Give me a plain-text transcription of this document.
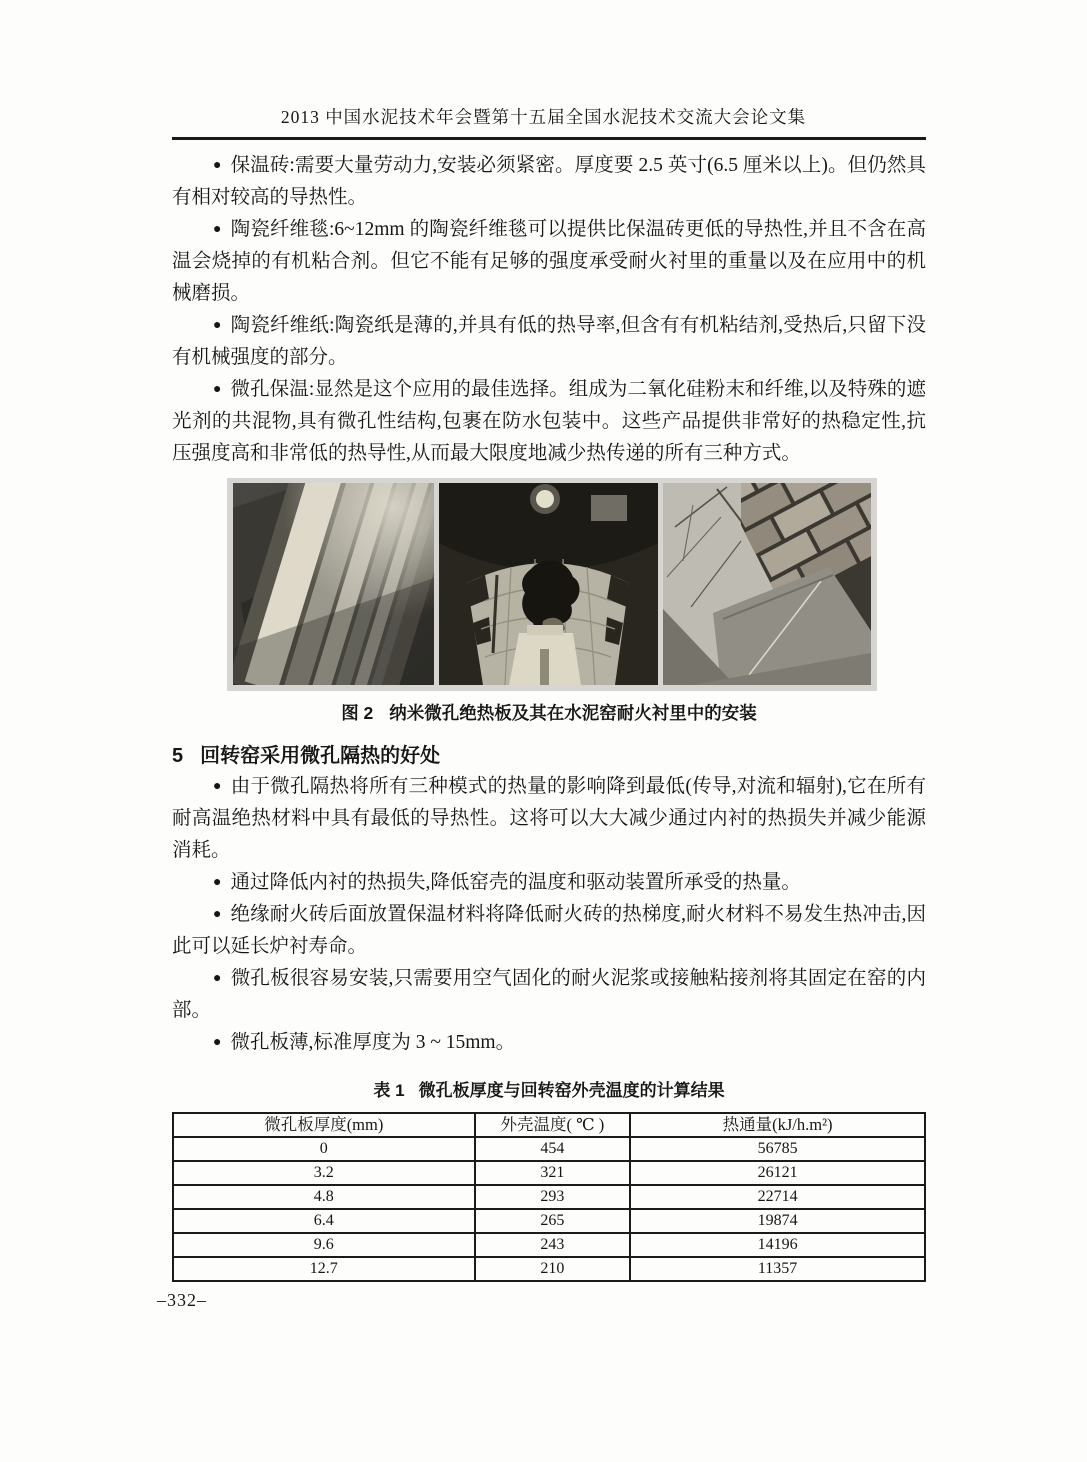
2013 中国水泥技术年会暨第十五届全国水泥技术交流大会论文集

● 保温砖:需要大量劳动力,安装必须紧密。厚度要 2.5 英寸(6.5 厘米以上)。但仍然具有相对较高的导热性。

● 陶瓷纤维毯:6~12mm 的陶瓷纤维毯可以提供比保温砖更低的导热性,并且不含在高温会烧掉的有机粘合剂。但它不能有足够的强度承受耐火衬里的重量以及在应用中的机械磨损。

● 陶瓷纤维纸:陶瓷纸是薄的,并具有低的热导率,但含有有机粘结剂,受热后,只留下没有机械强度的部分。

● 微孔保温:显然是这个应用的最佳选择。组成为二氧化硅粉末和纤维,以及特殊的遮光剂的共混物,具有微孔性结构,包裹在防水包装中。这些产品提供非常好的热稳定性,抗压强度高和非常低的热导性,从而最大限度地减少热传递的所有三种方式。

图 2 纳米微孔绝热板及其在水泥窑耐火衬里中的安装

5 回转窑采用微孔隔热的好处

● 由于微孔隔热将所有三种模式的热量的影响降到最低(传导,对流和辐射),它在所有耐高温绝热材料中具有最低的导热性。这将可以大大减少通过内衬的热损失并减少能源消耗。

● 通过降低内衬的热损失,降低窑壳的温度和驱动装置所承受的热量。

● 绝缘耐火砖后面放置保温材料将降低耐火砖的热梯度,耐火材料不易发生热冲击,因此可以延长炉衬寿命。

● 微孔板很容易安装,只需要用空气固化的耐火泥浆或接触粘接剂将其固定在窑的内部。

● 微孔板薄,标准厚度为 3 ~ 15mm。

表 1 微孔板厚度与回转窑外壳温度的计算结果

微孔板厚度(mm)	外壳温度( ℃ )	热通量(kJ/h.m²)
0	454	56785
3.2	321	26121
4.8	293	22714
6.4	265	19874
9.6	243	14196
12.7	210	11357
–332–
